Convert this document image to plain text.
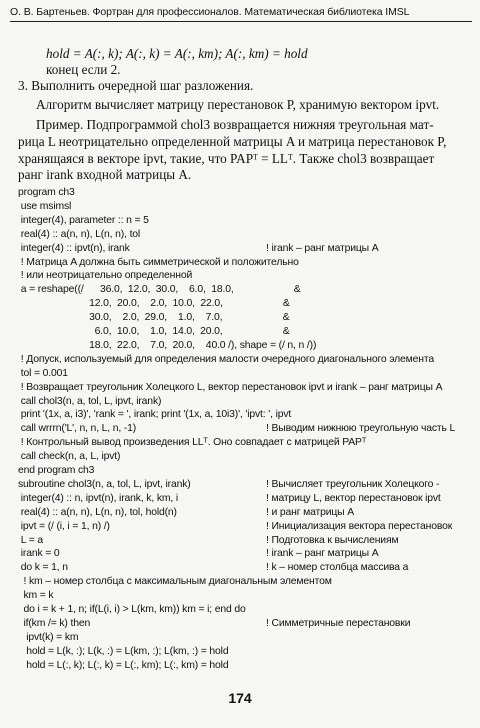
О. В. Бартеньев. Фортран для профессионалов. Математическая библиотека IMSL
hold = A(:, k); A(:, k) = A(:, km); A(:, km) = hold
конец если 2.
3. Выполнить очередной шаг разложения.
Алгоритм вычисляет матрицу перестановок P, хранимую вектором ipvt.
Пример. Подпрограммой chol3 возвращается нижняя треугольная мат-
рица L неотрицательно определенной матрицы A и матрица перестановок P,
хранящаяся в векторе ipvt, такие, что PAPᵀ = LLᵀ. Также chol3 возвращает
ранг irank входной матрицы A.
program ch3
use msimsl
integer(4), parameter :: n = 5
real(4) :: a(n, n), L(n, n), tol
integer(4) :: ipvt(n), irank	! irank – ранг матрицы A
! Матрица A должна быть симметрической и положительно
! или неотрицательно определенной
a = reshape((/      36.0,  12.0,  30.0,    6.0,  18.0,                      &
12.0,  20.0,    2.0,  10.0,  22.0,                      &
30.0,    2.0,  29.0,    1.0,    7.0,                      &
6.0,  10.0,    1.0,  14.0,  20.0,                      &
18.0,  22.0,    7.0,  20.0,    40.0 /), shape = (/ n, n /))
! Допуск, используемый для определения малости очередного диагонального элемента
tol = 0.001
! Возвращает треугольник Холецкого L, вектор перестановок ipvt и irank – ранг матрицы A
call chol3(n, a, tol, L, ipvt, irank)
print '(1x, a, i3)', 'rank = ', irank; print '(1x, a, 10i3)', 'ipvt: ', ipvt
call wrrrn('L', n, n, L, n, -1)	! Выводим нижнюю треугольную часть L
! Контрольный вывод произведения LLᵀ. Оно совпадает с матрицей PAPᵀ
call check(n, a, L, ipvt)
end program ch3
subroutine chol3(n, a, tol, L, ipvt, irank)	! Вычисляет треугольник Холецкого -
integer(4) :: n, ipvt(n), irank, k, km, i	! матрицу L, вектор перестановок ipvt
real(4) :: a(n, n), L(n, n), tol, hold(n)	! и ранг матрицы A
ipvt = (/ (i, i = 1, n) /)	! Инициализация вектора перестановок
L = a	! Подготовка к вычислениям
irank = 0	! irank – ранг матрицы A
do k = 1, n	! k – номер столбца массива a
! km – номер столбца с максимальным диагональным элементом
km = k
do i = k + 1, n; if(L(i, i) > L(km, km)) km = i; end do
if(km /= k) then	! Симметричные перестановки
ipvt(k) = km
hold = L(k, :); L(k, :) = L(km, :); L(km, :) = hold
hold = L(:, k); L(:, k) = L(:, km); L(:, km) = hold
174
